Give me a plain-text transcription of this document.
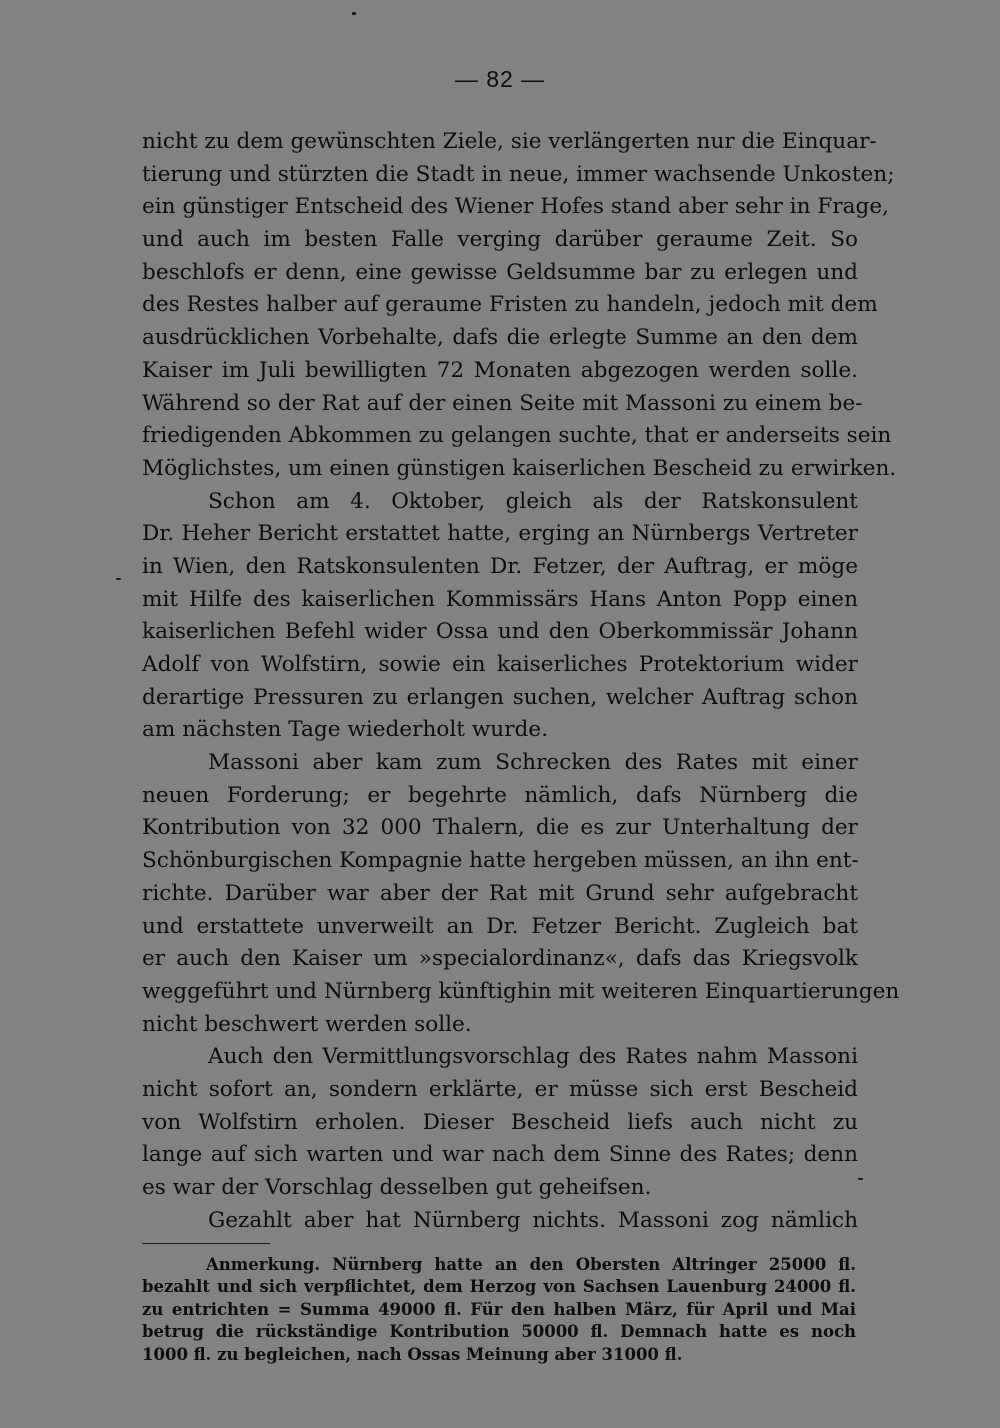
— 82 —
nicht zu dem gewünschten Ziele, sie verlängerten nur die Einquar-
tierung und stürzten die Stadt in neue, immer wachsende Unkosten;
ein günstiger Entscheid des Wiener Hofes stand aber sehr in Frage,
und auch im besten Falle verging darüber geraume Zeit. So
beschlofs er denn, eine gewisse Geldsumme bar zu erlegen und
des Restes halber auf geraume Fristen zu handeln, jedoch mit dem
ausdrücklichen Vorbehalte, dafs die erlegte Summe an den dem
Kaiser im Juli bewilligten 72 Monaten abgezogen werden solle.
Während so der Rat auf der einen Seite mit Massoni zu einem be-
friedigenden Abkommen zu gelangen suchte, that er anderseits sein
Möglichstes, um einen günstigen kaiserlichen Bescheid zu erwirken.
Schon am 4. Oktober, gleich als der Ratskonsulent
Dr. Heher Bericht erstattet hatte, erging an Nürnbergs Vertreter
in Wien, den Ratskonsulenten Dr. Fetzer, der Auftrag, er möge
mit Hilfe des kaiserlichen Kommissärs Hans Anton Popp einen
kaiserlichen Befehl wider Ossa und den Oberkommissär Johann
Adolf von Wolfstirn, sowie ein kaiserliches Protektorium wider
derartige Pressuren zu erlangen suchen, welcher Auftrag schon
am nächsten Tage wiederholt wurde.
Massoni aber kam zum Schrecken des Rates mit einer
neuen Forderung; er begehrte nämlich, dafs Nürnberg die
Kontribution von 32 000 Thalern, die es zur Unterhaltung der
Schönburgischen Kompagnie hatte hergeben müssen, an ihn ent-
richte. Darüber war aber der Rat mit Grund sehr aufgebracht
und erstattete unverweilt an Dr. Fetzer Bericht. Zugleich bat
er auch den Kaiser um »specialordinanz«, dafs das Kriegsvolk
weggeführt und Nürnberg künftighin mit weiteren Einquartierungen
nicht beschwert werden solle.
Auch den Vermittlungsvorschlag des Rates nahm Massoni
nicht sofort an, sondern erklärte, er müsse sich erst Bescheid
von Wolfstirn erholen. Dieser Bescheid liefs auch nicht zu
lange auf sich warten und war nach dem Sinne des Rates; denn
es war der Vorschlag desselben gut geheifsen.
Gezahlt aber hat Nürnberg nichts. Massoni zog nämlich
Anmerkung. Nürnberg hatte an den Obersten Altringer 25000 fl.
bezahlt und sich verpflichtet, dem Herzog von Sachsen Lauenburg 24000 fl.
zu entrichten = Summa 49000 fl. Für den halben März, für April und Mai
betrug die rückständige Kontribution 50000 fl. Demnach hatte es noch
1000 fl. zu begleichen, nach Ossas Meinung aber 31000 fl.
